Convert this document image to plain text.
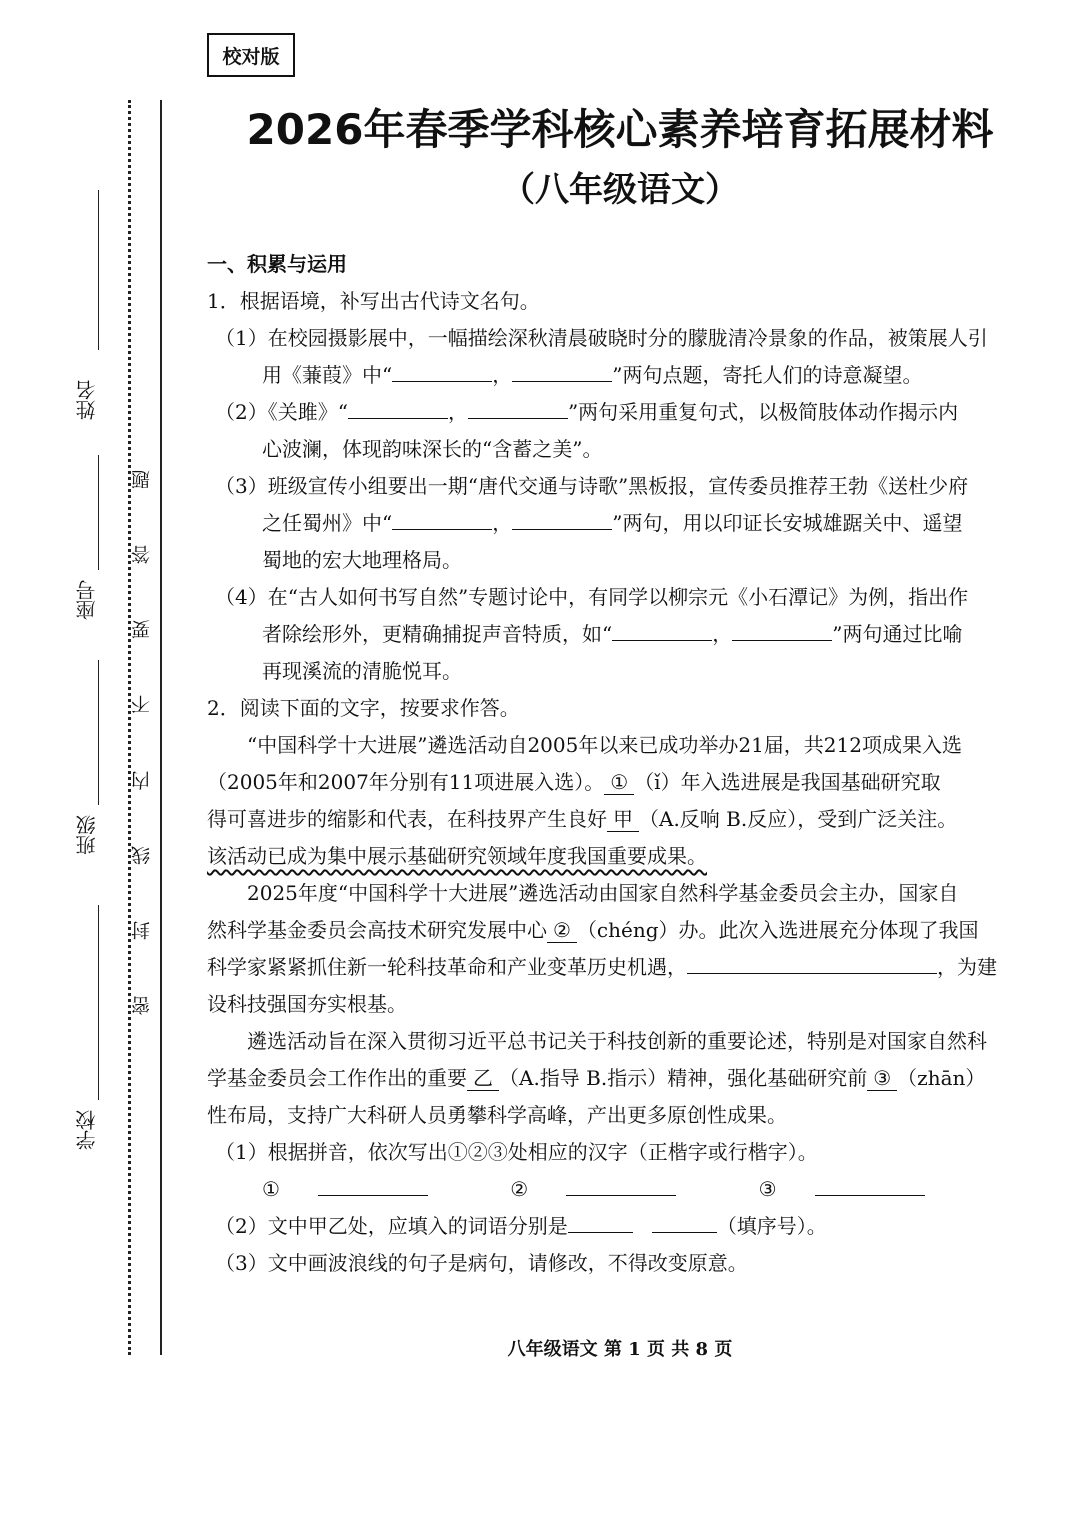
校对版
2026年春季学科核心素养培育拓展材料
（八年级语文）
姓名
座号
班级
学校
密
封
线
内
不
要
答
题

一、积累与运用

1．根据语境，补写出古代诗文名句。

（1）在校园摄影展中，一幅描绘深秋清晨破晓时分的朦胧清冷景象的作品，被策展人引

用《蒹葭》中“	，	”两句点题，寄托人们的诗意凝望。

（2）《关雎》“	，	”两句采用重复句式，以极简肢体动作揭示内

心波澜，体现韵味深长的“含蓄之美”。

（3）班级宣传小组要出一期“唐代交通与诗歌”黑板报，宣传委员推荐王勃《送杜少府

之任蜀州》中“	，	”两句，用以印证长安城雄踞关中、遥望

蜀地的宏大地理格局。

（4）在“古人如何书写自然”专题讨论中，有同学以柳宗元《小石潭记》为例，指出作

者除绘形外，更精确捕捉声音特质，如“	，	”两句通过比喻

再现溪流的清脆悦耳。

2．阅读下面的文字，按要求作答。

“中国科学十大进展”遴选活动自2005年以来已成功举办21届，共212项成果入选

（2005年和2007年分别有11项进展入选）。 ① （ǐ）年入选进展是我国基础研究取

得可喜进步的缩影和代表，在科技界产生良好 甲 （A.反响 B.反应），受到广泛关注。

该活动已成为集中展示基础研究领域年度我国重要成果。

2025年度“中国科学十大进展”遴选活动由国家自然科学基金委员会主办，国家自

然科学基金委员会高技术研究发展中心 ② （chéng）办。此次入选进展充分体现了我国

科学家紧紧抓住新一轮科技革命和产业变革历史机遇，	，为建

设科技强国夯实根基。

遴选活动旨在深入贯彻习近平总书记关于科技创新的重要论述，特别是对国家自然科

学基金委员会工作作出的重要 乙 （A.指导 B.指示）精神，强化基础研究前 ③ （zhān）

性布局，支持广大科研人员勇攀科学高峰，产出更多原创性成果。

（1）根据拼音，依次写出①②③处相应的汉字（正楷字或行楷字）。

①	②	③

（2）文中甲乙处，应填入的词语分别是	（填序号）。

（3）文中画波浪线的句子是病句，请修改，不得改变原意。

八年级语文 第 1 页 共 8 页
